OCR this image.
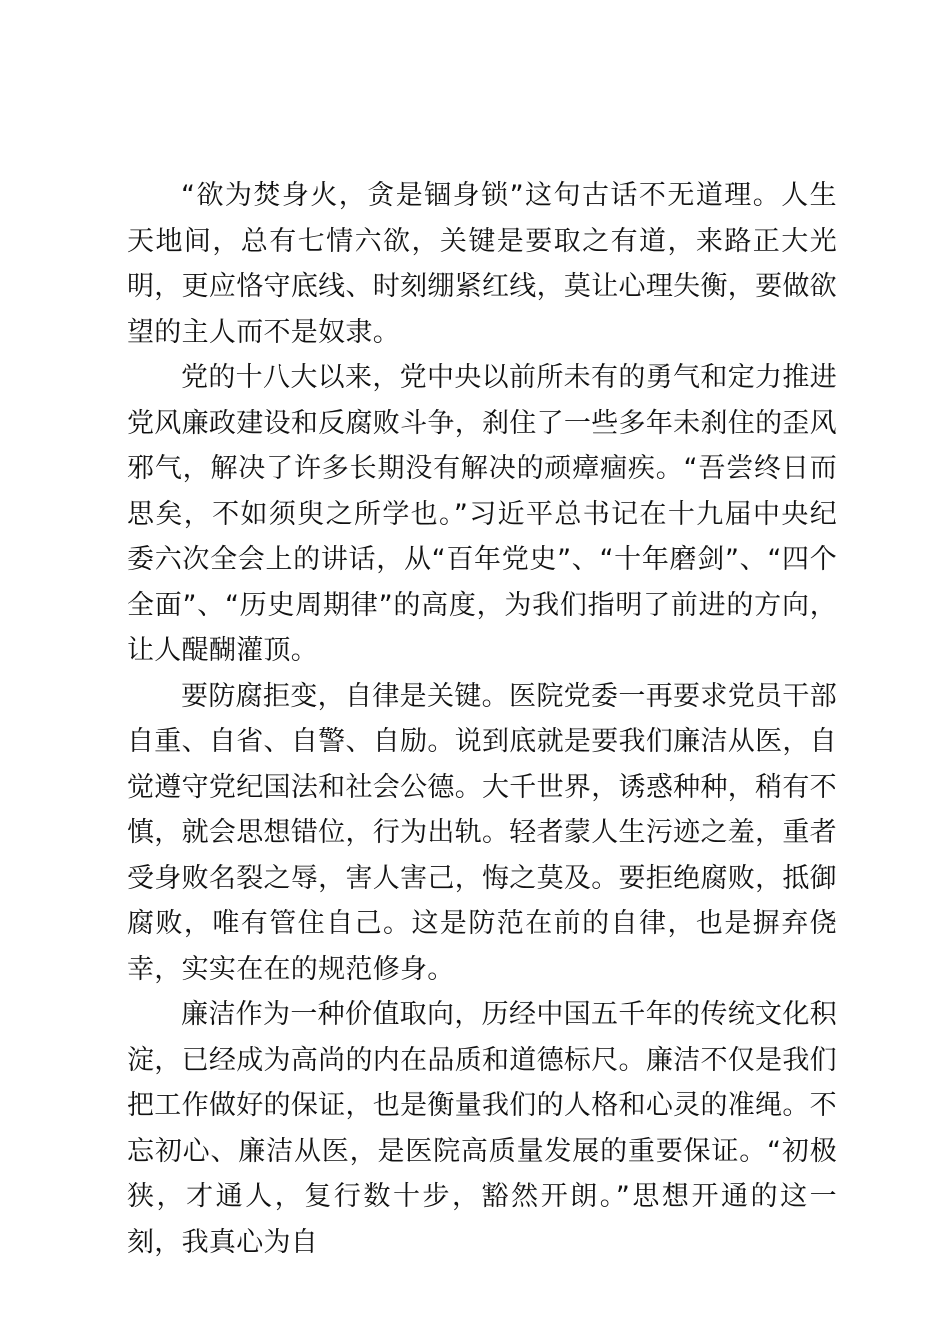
“欲为焚身火，贪是锢身锁”这句古话不无道理。人生天地间，总有七情六欲，关键是要取之有道，来路正大光明，更应恪守底线、时刻绷紧红线，莫让心理失衡，要做欲望的主人而不是奴隶。

党的十八大以来，党中央以前所未有的勇气和定力推进党风廉政建设和反腐败斗争，刹住了一些多年未刹住的歪风邪气，解决了许多长期没有解决的顽瘴痼疾。“吾尝终日而思矣，不如须臾之所学也。”习近平总书记在十九届中央纪委六次全会上的讲话，从“百年党史”、“十年磨剑”、“四个全面”、“历史周期律”的高度，为我们指明了前进的方向，让人醍醐灌顶。

要防腐拒变，自律是关键。医院党委一再要求党员干部自重、自省、自警、自励。说到底就是要我们廉洁从医，自觉遵守党纪国法和社会公德。大千世界，诱惑种种，稍有不慎，就会思想错位，行为出轨。轻者蒙人生污迹之羞，重者受身败名裂之辱，害人害己，悔之莫及。要拒绝腐败，抵御腐败，唯有管住自己。这是防范在前的自律，也是摒弃侥幸，实实在在的规范修身。

廉洁作为一种价值取向，历经中国五千年的传统文化积淀，已经成为高尚的内在品质和道德标尺。廉洁不仅是我们把工作做好的保证，也是衡量我们的人格和心灵的准绳。不忘初心、廉洁从医，是医院高质量发展的重要保证。“初极狭，才通人，复行数十步，豁然开朗。”思想开通的这一刻，我真心为自
